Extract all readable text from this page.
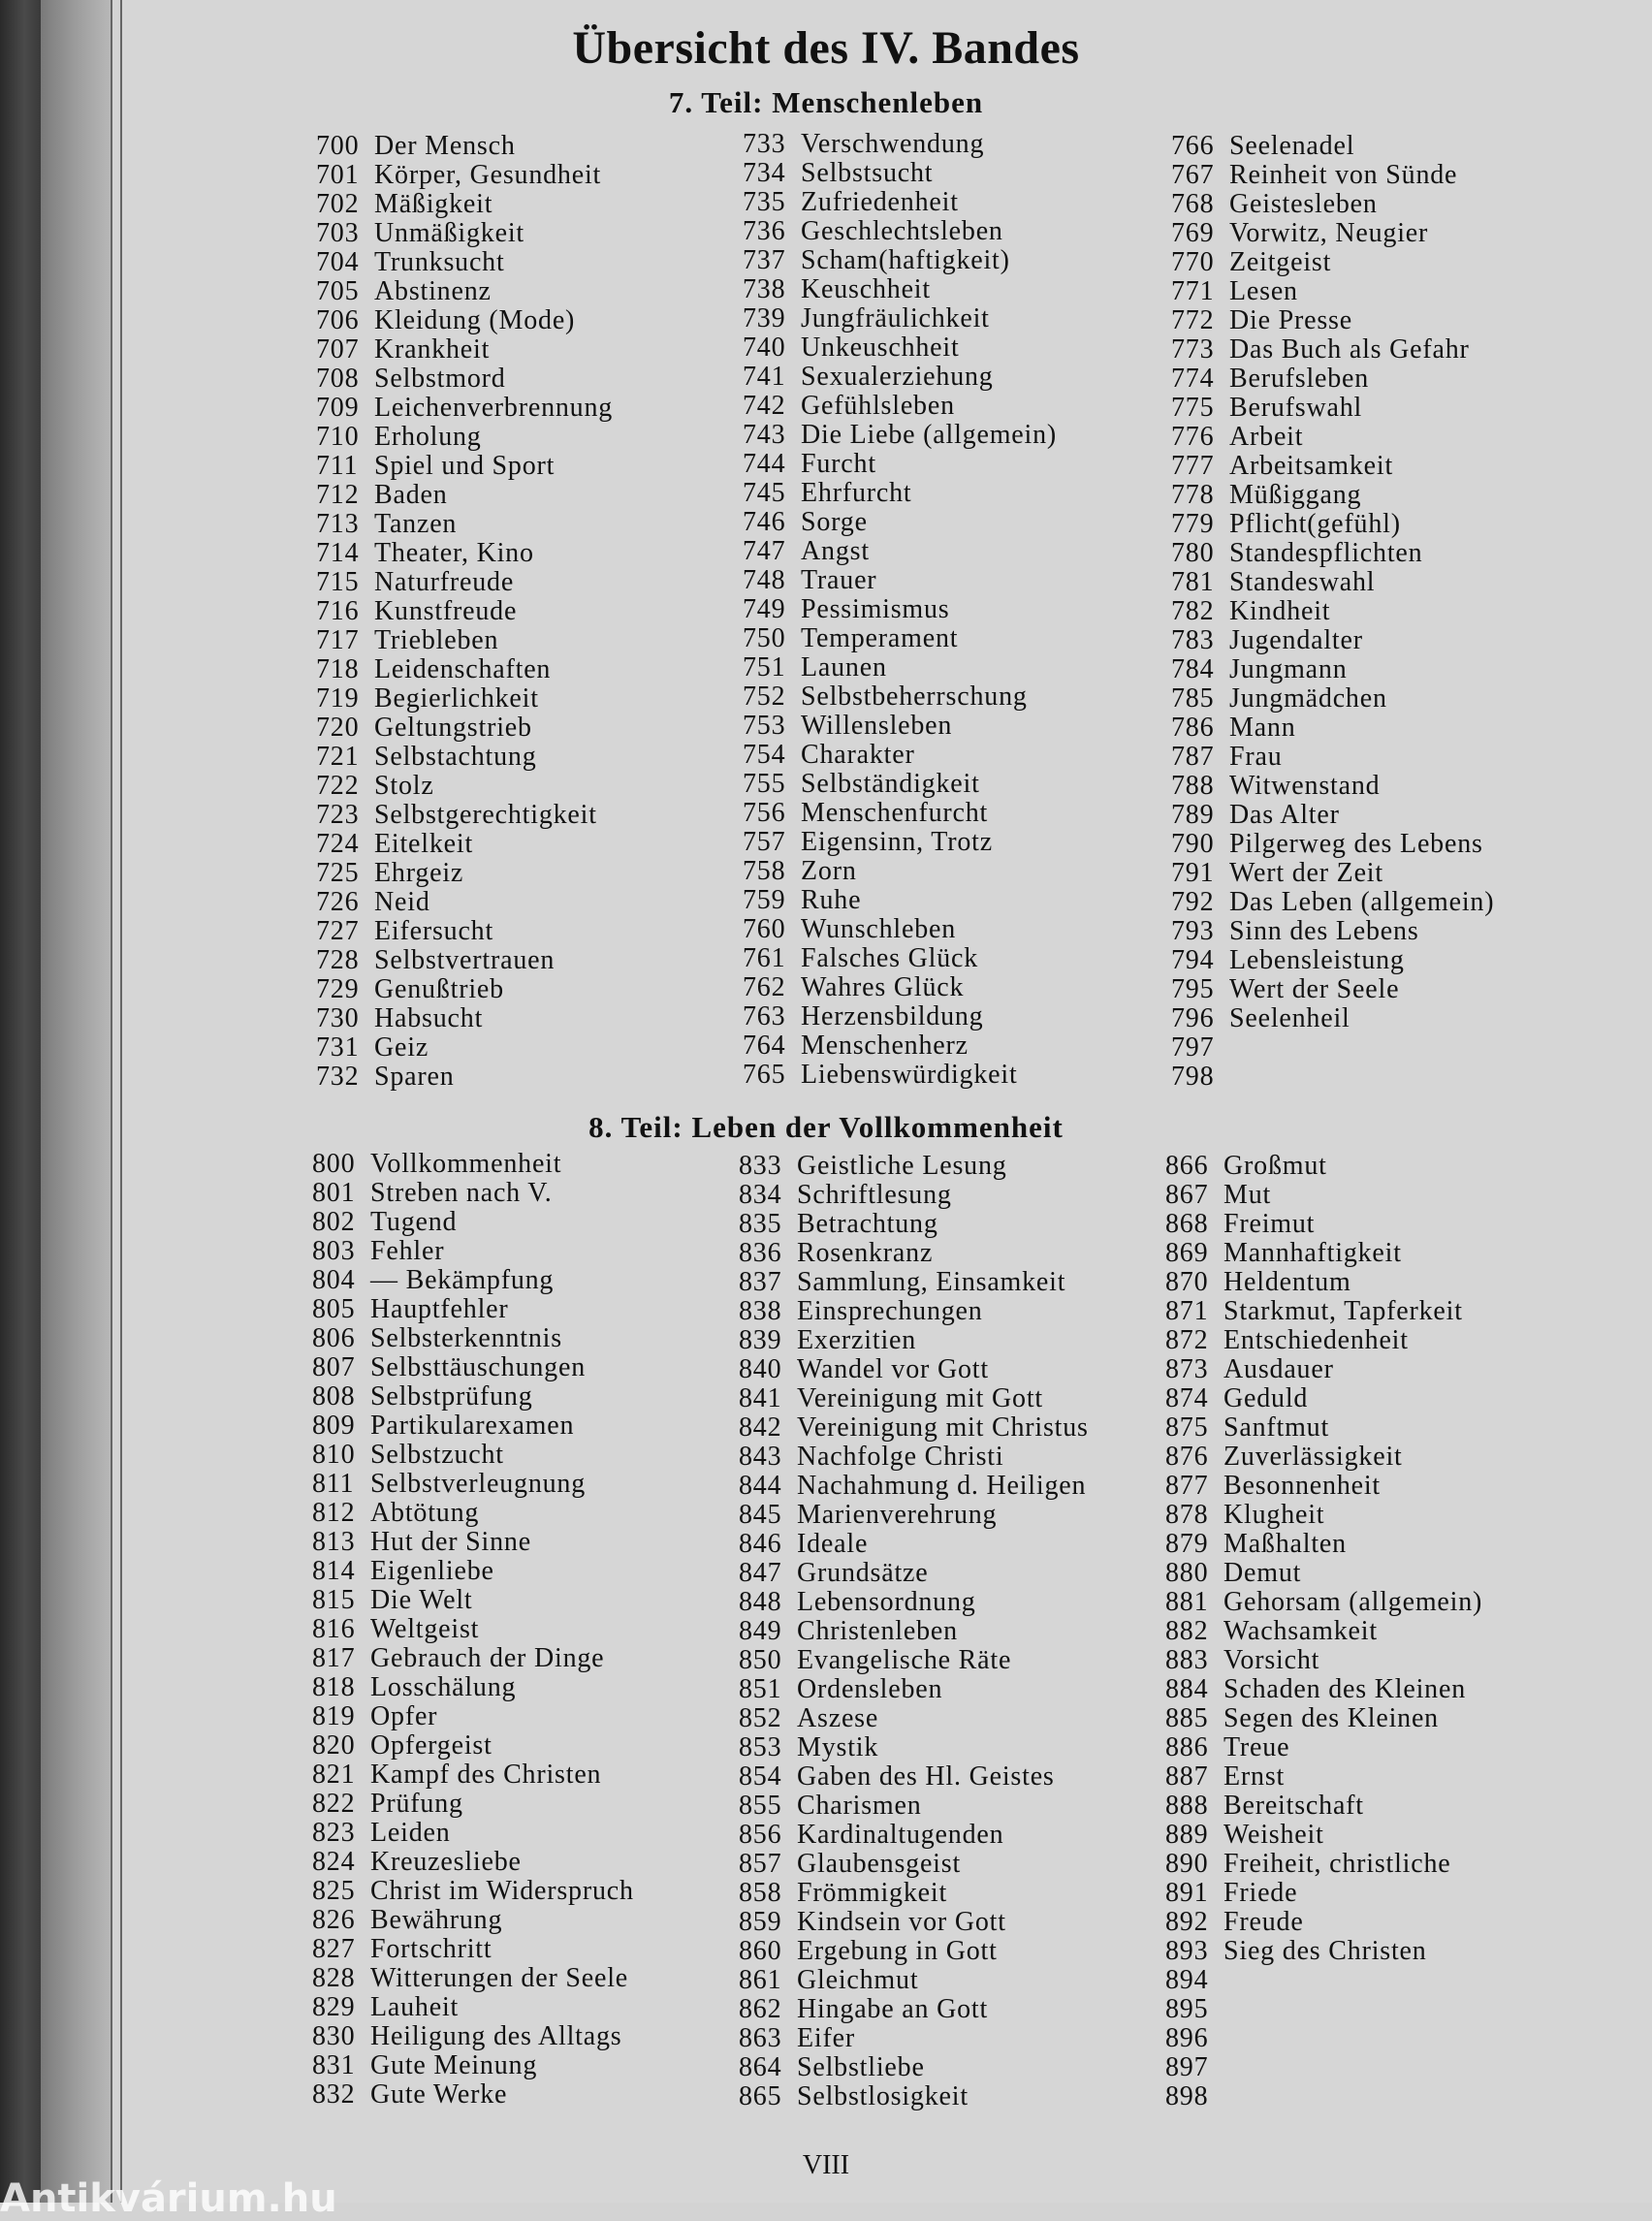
Übersicht des IV. Bandes
7. Teil: Menschenleben
700 Der Mensch
701 Körper, Gesundheit
702 Mäßigkeit
703 Unmäßigkeit
704 Trunksucht
705 Abstinenz
706 Kleidung (Mode)
707 Krankheit
708 Selbstmord
709 Leichenverbrennung
710 Erholung
711 Spiel und Sport
712 Baden
713 Tanzen
714 Theater, Kino
715 Naturfreude
716 Kunstfreude
717 Triebleben
718 Leidenschaften
719 Begierlichkeit
720 Geltungstrieb
721 Selbstachtung
722 Stolz
723 Selbstgerechtigkeit
724 Eitelkeit
725 Ehrgeiz
726 Neid
727 Eifersucht
728 Selbstvertrauen
729 Genußtrieb
730 Habsucht
731 Geiz
732 Sparen
733 Verschwendung
734 Selbstsucht
735 Zufriedenheit
736 Geschlechtsleben
737 Scham(haftigkeit)
738 Keuschheit
739 Jungfräulichkeit
740 Unkeuschheit
741 Sexualerziehung
742 Gefühlsleben
743 Die Liebe (allgemein)
744 Furcht
745 Ehrfurcht
746 Sorge
747 Angst
748 Trauer
749 Pessimismus
750 Temperament
751 Launen
752 Selbstbeherrschung
753 Willensleben
754 Charakter
755 Selbständigkeit
756 Menschenfurcht
757 Eigensinn, Trotz
758 Zorn
759 Ruhe
760 Wunschleben
761 Falsches Glück
762 Wahres Glück
763 Herzensbildung
764 Menschenherz
765 Liebenswürdigkeit
766 Seelenadel
767 Reinheit von Sünde
768 Geistesleben
769 Vorwitz, Neugier
770 Zeitgeist
771 Lesen
772 Die Presse
773 Das Buch als Gefahr
774 Berufsleben
775 Berufswahl
776 Arbeit
777 Arbeitsamkeit
778 Müßiggang
779 Pflicht(gefühl)
780 Standespflichten
781 Standeswahl
782 Kindheit
783 Jugendalter
784 Jungmann
785 Jungmädchen
786 Mann
787 Frau
788 Witwenstand
789 Das Alter
790 Pilgerweg des Lebens
791 Wert der Zeit
792 Das Leben (allgemein)
793 Sinn des Lebens
794 Lebensleistung
795 Wert der Seele
796 Seelenheil
797
798
8. Teil: Leben der Vollkommenheit
800 Vollkommenheit
801 Streben nach V.
802 Tugend
803 Fehler
804 — Bekämpfung
805 Hauptfehler
806 Selbsterkenntnis
807 Selbsttäuschungen
808 Selbstprüfung
809 Partikularexamen
810 Selbstzucht
811 Selbstverleugnung
812 Abtötung
813 Hut der Sinne
814 Eigenliebe
815 Die Welt
816 Weltgeist
817 Gebrauch der Dinge
818 Losschälung
819 Opfer
820 Opfergeist
821 Kampf des Christen
822 Prüfung
823 Leiden
824 Kreuzesliebe
825 Christ im Widerspruch
826 Bewährung
827 Fortschritt
828 Witterungen der Seele
829 Lauheit
830 Heiligung des Alltags
831 Gute Meinung
832 Gute Werke
833 Geistliche Lesung
834 Schriftlesung
835 Betrachtung
836 Rosenkranz
837 Sammlung, Einsamkeit
838 Einsprechungen
839 Exerzitien
840 Wandel vor Gott
841 Vereinigung mit Gott
842 Vereinigung mit Christus
843 Nachfolge Christi
844 Nachahmung d. Heiligen
845 Marienverehrung
846 Ideale
847 Grundsätze
848 Lebensordnung
849 Christenleben
850 Evangelische Räte
851 Ordensleben
852 Aszese
853 Mystik
854 Gaben des Hl. Geistes
855 Charismen
856 Kardinaltugenden
857 Glaubensgeist
858 Frömmigkeit
859 Kindsein vor Gott
860 Ergebung in Gott
861 Gleichmut
862 Hingabe an Gott
863 Eifer
864 Selbstliebe
865 Selbstlosigkeit
866 Großmut
867 Mut
868 Freimut
869 Mannhaftigkeit
870 Heldentum
871 Starkmut, Tapferkeit
872 Entschiedenheit
873 Ausdauer
874 Geduld
875 Sanftmut
876 Zuverlässigkeit
877 Besonnenheit
878 Klugheit
879 Maßhalten
880 Demut
881 Gehorsam (allgemein)
882 Wachsamkeit
883 Vorsicht
884 Schaden des Kleinen
885 Segen des Kleinen
886 Treue
887 Ernst
888 Bereitschaft
889 Weisheit
890 Freiheit, christliche
891 Friede
892 Freude
893 Sieg des Christen
894
895
896
897
898
VIII
Antikvárium.hu
